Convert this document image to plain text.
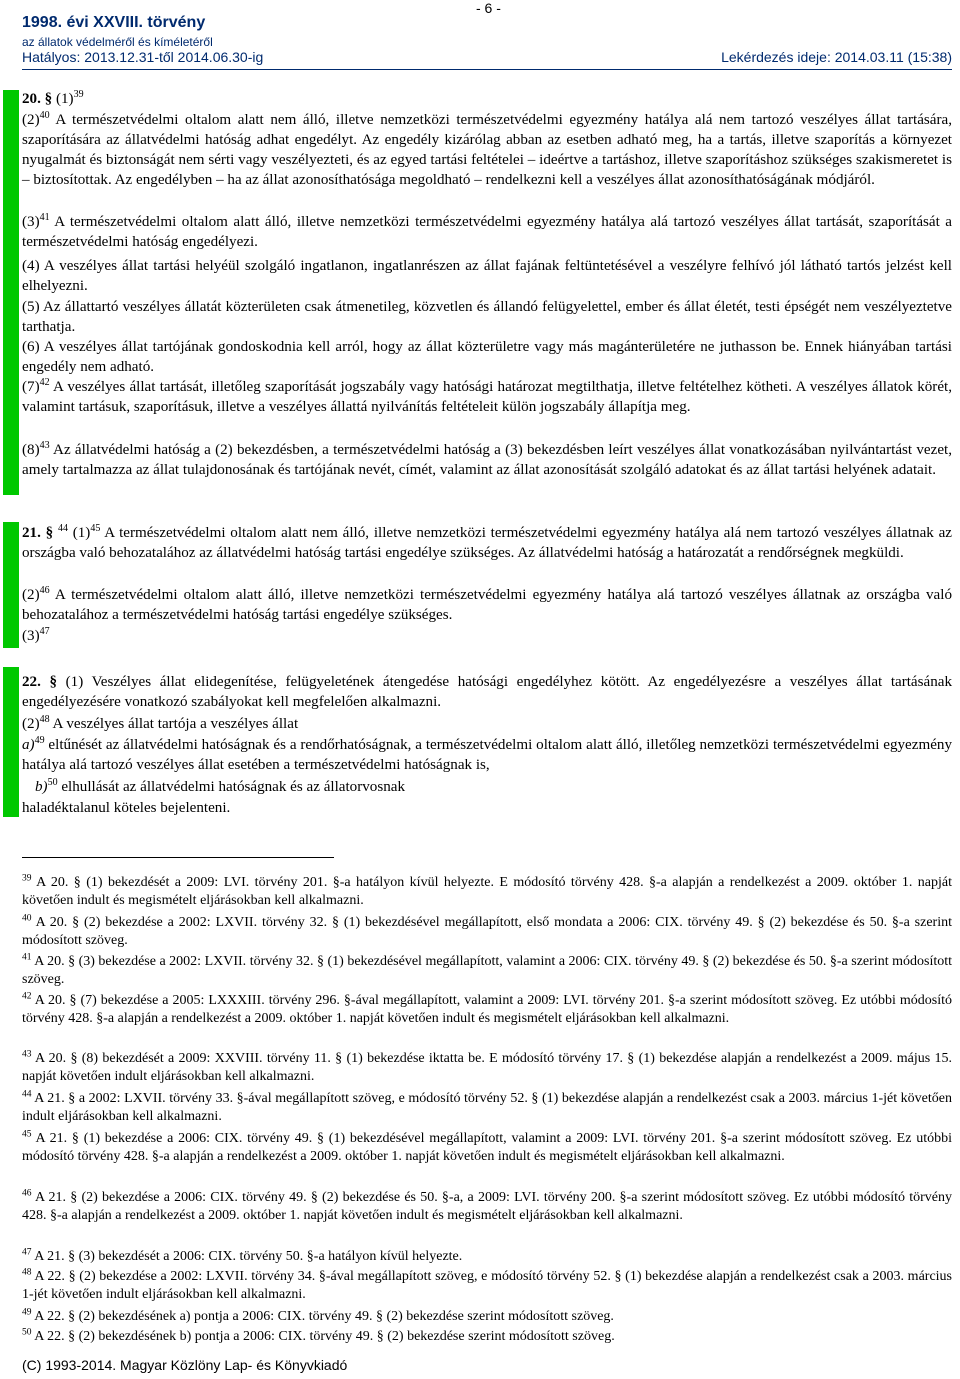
- 6 -
1998. évi XXVIII. törvény
az állatok védelméről és kíméletéről
Hatályos: 2013.12.31-től 2014.06.30-ig	Lekérdezés ideje: 2014.03.11 (15:38)
20. § $(1)^{39}$
$(2)^{40}$ A természetvédelmi oltalom alatt nem álló, illetve nemzetközi természetvédelmi egyezmény hatálya alá nem tartozó veszélyes állat tartására, szaporítására az állatvédelmi hatóság adhat engedélyt. Az engedély kizárólag abban az esetben adható meg, ha a tartás, illetve szaporítás a környezet nyugalmát és biztonságát nem sérti vagy veszélyezteti, és az egyed tartási feltételei – ideértve a tartáshoz, illetve szaporításhoz szükséges szakismeretet is – biztosítottak. Az engedélyben – ha az állat azonosíthatósága megoldható – rendelkezni kell a veszélyes állat azonosíthatóságának módjáról.
$(3)^{41}$ A természetvédelmi oltalom alatt álló, illetve nemzetközi természetvédelmi egyezmény hatálya alá tartozó veszélyes állat tartását, szaporítását a természetvédelmi hatóság engedélyezi.
(4) A veszélyes állat tartási helyéül szolgáló ingatlanon, ingatlanrészen az állat fajának feltüntetésével a veszélyre felhívó jól látható tartós jelzést kell elhelyezni.
(5) Az állattartó veszélyes állatát közterületen csak átmenetileg, közvetlen és állandó felügyelettel, ember és állat életét, testi épségét nem veszélyeztetve tarthatja.
(6) A veszélyes állat tartójának gondoskodnia kell arról, hogy az állat közterületre vagy más magánterületére ne juthasson be. Ennek hiányában tartási engedély nem adható.
$(7)^{42}$ A veszélyes állat tartását, illetőleg szaporítását jogszabály vagy hatósági határozat megtilthatja, illetve feltételhez kötheti. A veszélyes állatok körét, valamint tartásuk, szaporításuk, illetve a veszélyes állattá nyilvánítás feltételeit külön jogszabály állapítja meg.
$(8)^{43}$ Az állatvédelmi hatóság a (2) bekezdésben, a természetvédelmi hatóság a (3) bekezdésben leírt veszélyes állat vonatkozásában nyilvántartást vezet, amely tartalmazza az állat tulajdonosának és tartójának nevét, címét, valamint az állat azonosítását szolgáló adatokat és az állat tartási helyének adatait.
21. § $^{44}$ $(1)^{45}$ A természetvédelmi oltalom alatt nem álló, illetve nemzetközi természetvédelmi egyezmény hatálya alá nem tartozó veszélyes állatnak az országba való behozatalához az állatvédelmi hatóság tartási engedélye szükséges. Az állatvédelmi hatóság a határozatát a rendőrségnek megküldi.
$(2)^{46}$ A természetvédelmi oltalom alatt álló, illetve nemzetközi természetvédelmi egyezmény hatálya alá tartozó veszélyes állatnak az országba való behozatalához a természetvédelmi hatóság tartási engedélye szükséges.
$(3)^{47}$
22. § (1) Veszélyes állat elidegenítése, felügyeletének átengedése hatósági engedélyhez kötött. Az engedélyezésre a veszélyes állat tartásának engedélyezésére vonatkozó szabályokat kell megfelelően alkalmazni.
$(2)^{48}$ A veszélyes állat tartója a veszélyes állat
a)$^{49}$ eltűnését az állatvédelmi hatóságnak és a rendőrhatóságnak, a természetvédelmi oltalom alatt álló, illetőleg nemzetközi természetvédelmi egyezmény hatálya alá tartozó veszélyes állat esetében a természetvédelmi hatóságnak is,
b)$^{50}$ elhullását az állatvédelmi hatóságnak és az állatorvosnak
haladéktalanul köteles bejelenteni.
$^{39}$ A 20. § (1) bekezdését a 2009: LVI. törvény 201. §-a hatályon kívül helyezte. E módosító törvény 428. §-a alapján a rendelkezést a 2009. október 1. napját követően indult és megismételt eljárásokban kell alkalmazni.
$^{40}$ A 20. § (2) bekezdése a 2002: LXVII. törvény 32. § (1) bekezdésével megállapított, első mondata a 2006: CIX. törvény 49. § (2) bekezdése és 50. §-a szerint módosított szöveg.
$^{41}$ A 20. § (3) bekezdése a 2002: LXVII. törvény 32. § (1) bekezdésével megállapított, valamint a 2006: CIX. törvény 49. § (2) bekezdése és 50. §-a szerint módosított szöveg.
$^{42}$ A 20. § (7) bekezdése a 2005: LXXXIII. törvény 296. §-ával megállapított, valamint a 2009: LVI. törvény 201. §-a szerint módosított szöveg. Ez utóbbi módosító törvény 428. §-a alapján a rendelkezést a 2009. október 1. napját követően indult és megismételt eljárásokban kell alkalmazni.
$^{43}$ A 20. § (8) bekezdését a 2009: XXVIII. törvény 11. § (1) bekezdése iktatta be. E módosító törvény 17. § (1) bekezdése alapján a rendelkezést a 2009. május 15. napját követően indult eljárásokban kell alkalmazni.
$^{44}$ A 21. § a 2002: LXVII. törvény 33. §-ával megállapított szöveg, e módosító törvény 52. § (1) bekezdése alapján a rendelkezést csak a 2003. március 1-jét követően indult eljárásokban kell alkalmazni.
$^{45}$ A 21. § (1) bekezdése a 2006: CIX. törvény 49. § (1) bekezdésével megállapított, valamint a 2009: LVI. törvény 201. §-a szerint módosított szöveg. Ez utóbbi módosító törvény 428. §-a alapján a rendelkezést a 2009. október 1. napját követően indult és megismételt eljárásokban kell alkalmazni.
$^{46}$ A 21. § (2) bekezdése a 2006: CIX. törvény 49. § (2) bekezdése és 50. §-a, a 2009: LVI. törvény 200. §-a szerint módosított szöveg. Ez utóbbi módosító törvény 428. §-a alapján a rendelkezést a 2009. október 1. napját követően indult és megismételt eljárásokban kell alkalmazni.
$^{47}$ A 21. § (3) bekezdését a 2006: CIX. törvény 50. §-a hatályon kívül helyezte.
$^{48}$ A 22. § (2) bekezdése a 2002: LXVII. törvény 34. §-ával megállapított szöveg, e módosító törvény 52. § (1) bekezdése alapján a rendelkezést csak a 2003. március 1-jét követően indult eljárásokban kell alkalmazni.
$^{49}$ A 22. § (2) bekezdésének a) pontja a 2006: CIX. törvény 49. § (2) bekezdése szerint módosított szöveg.
$^{50}$ A 22. § (2) bekezdésének b) pontja a 2006: CIX. törvény 49. § (2) bekezdése szerint módosított szöveg.
(C) 1993-2014. Magyar Közlöny Lap- és Könyvkiadó
